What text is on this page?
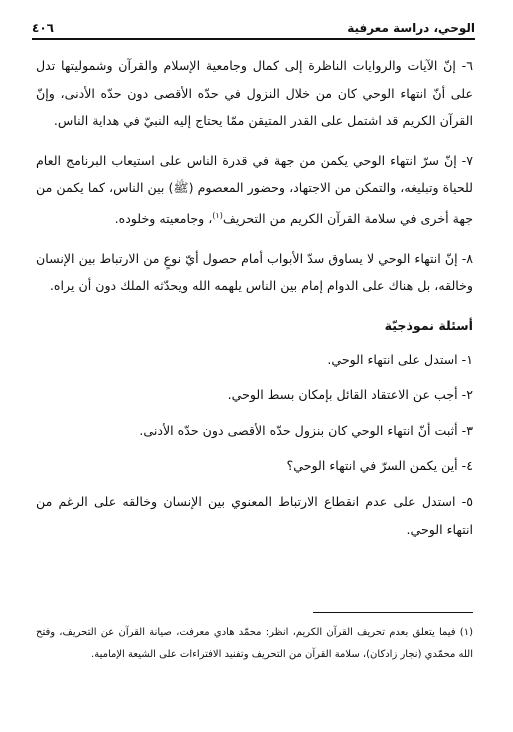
الوحي، دراسة معرفية
٤٠٦

٦- إنّ الآيات والروايات الناظرة إلى كمال وجامعية الإسلام والقرآن وشموليتها تدل على أنّ انتهاء الوحي كان من خلال النزول في حدّه الأقصى دون حدّه الأدنى، وإنّ القرآن الكريم قد اشتمل على القدر المتيقن ممّا يحتاج إليه النبيّ في هداية الناس.

٧- إنّ سرّ انتهاء الوحي يكمن من جهة في قدرة الناس على استيعاب البرنامج العام للحياة وتبليغه، والتمكن من الاجتهاد، وحضور المعصوم (ﷺ) بين الناس، كما يكمن من جهة أخرى في سلامة القرآن الكريم من التحريف$^{(١)}$، وجامعيته وخلوده.

٨- إنّ انتهاء الوحي لا يساوق سدّ الأبواب أمام حصول أيّ نوعٍ من الارتباط بين الإنسان وخالقه، بل هناك على الدوام إمام بين الناس يلهمه الله ويحدّثه الملك دون أن يراه.

أسئلة نموذجيّة
١- استدل على انتهاء الوحي.
٢- أجب عن الاعتقاد القائل بإمكان بسط الوحي.
٣- أثبت أنّ انتهاء الوحي كان بنزول حدّه الأقصى دون حدّه الأدنى.
٤- أين يكمن السرّ في انتهاء الوحي؟
٥- استدل على عدم انقطاع الارتباط المعنوي بين الإنسان وخالقه على الرغم من انتهاء الوحي.
(١) فيما يتعلق بعدم تحريف القرآن الكريم، انظر: محمّد هادي معرفت، صيانة القرآن عن التحريف، وفتح الله محمّدي (نجار زادكان)، سلامة القرآن من التحريف وتفنيد الافتراءات على الشيعة الإمامية.
